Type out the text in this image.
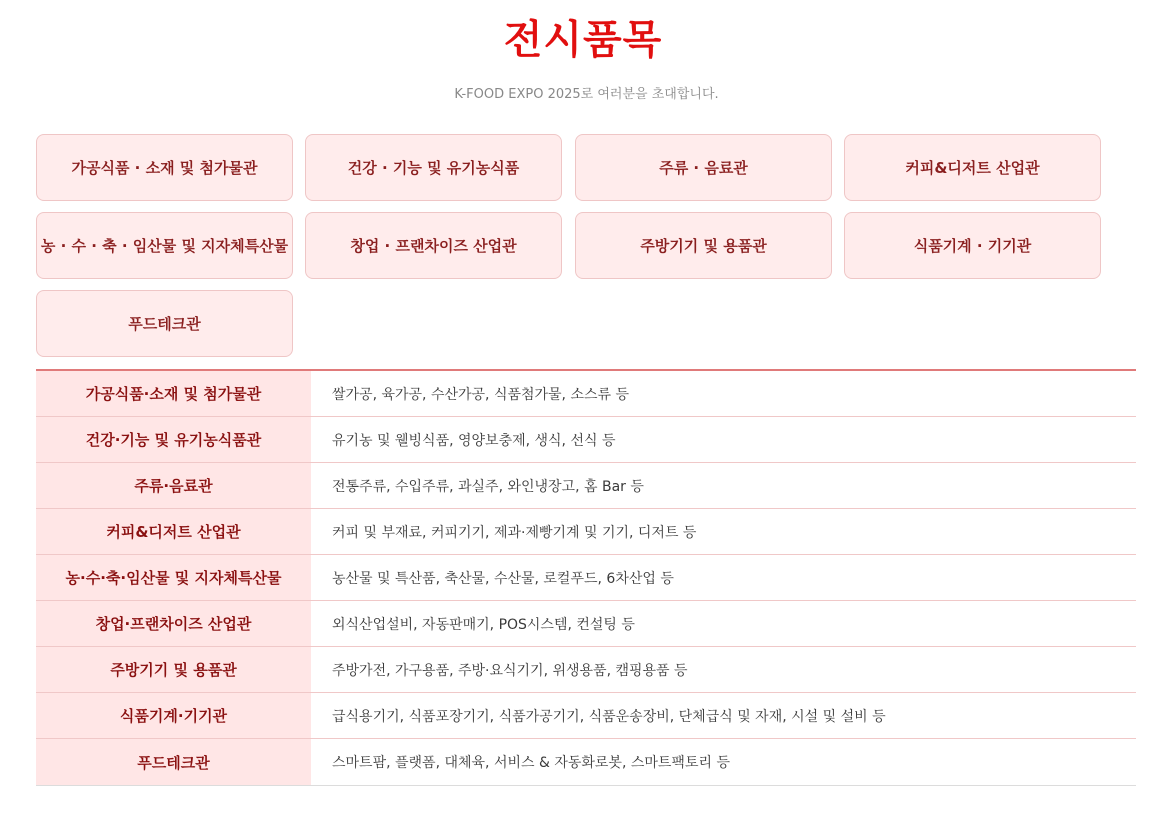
전시품목
K-FOOD EXPO 2025로 여러분을 초대합니다.
가공식품 · 소재 및 첨가물관	건강 · 기능 및 유기농식품	주류 · 음료관	커피&디저트 산업관
농 · 수 · 축 · 임산물 및 지자체특산물	창업 · 프랜차이즈 산업관	주방기기 및 용품관	식품기계 · 기기관
푸드테크관
가공식품·소재 및 첨가물관	쌀가공, 육가공, 수산가공, 식품첨가물, 소스류 등
건강·기능 및 유기농식품관	유기농 및 웰빙식품, 영양보충제, 생식, 선식 등
주류·음료관	전통주류, 수입주류, 과실주, 와인냉장고, 홈 Bar 등
커피&디저트 산업관	커피 및 부재료, 커피기기, 제과·제빵기계 및 기기, 디저트 등
농·수·축·임산물 및 지자체특산물	농산물 및 특산품, 축산물, 수산물, 로컬푸드, 6차산업 등
창업·프랜차이즈 산업관	외식산업설비, 자동판매기, POS시스템, 컨설팅 등
주방기기 및 용품관	주방가전, 가구용품, 주방·요식기기, 위생용품, 캠핑용품 등
식품기계·기기관	급식용기기, 식품포장기기, 식품가공기기, 식품운송장비, 단체급식 및 자재, 시설 및 설비 등
푸드테크관	스마트팜, 플랫폼, 대체육, 서비스 & 자동화로봇, 스마트팩토리 등
